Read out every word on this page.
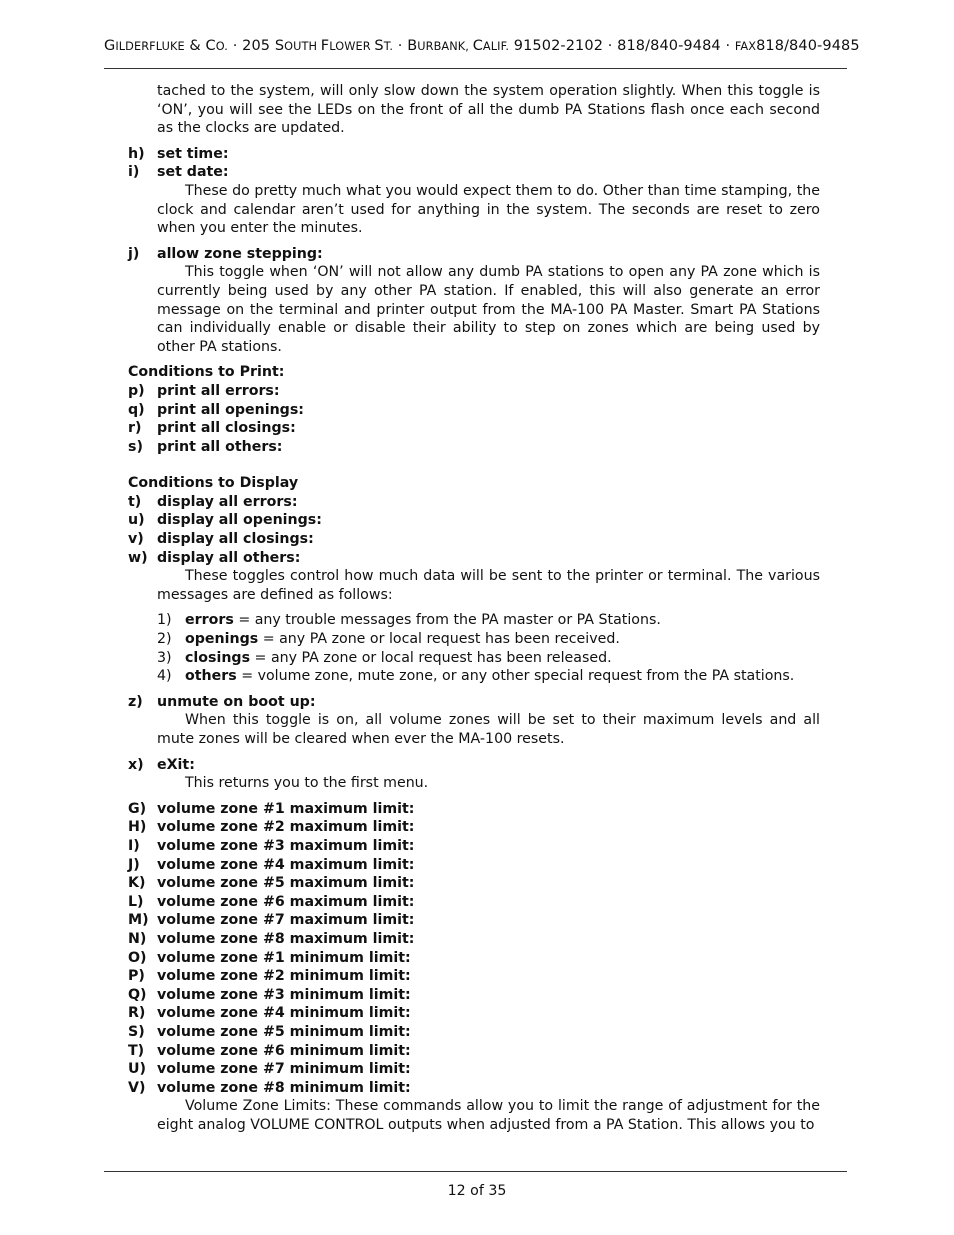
GILDERFLUKE & CO. · 205 SOUTH FLOWER ST. · BURBANK, CALIF. 91502-2102 · 818/840-9484 · FAX818/840-9485
tached to the system, will only slow down the system operation slightly. When this toggle is ‘ON’, you will see the LEDs on the front of all the dumb PA Stations flash once each second as the clocks are updated.
h) set time:
i)	set date:
These do pretty much what you would expect them to do. Other than time stamping, the clock and calendar aren’t used for anything in the system. The seconds are reset to zero when you enter the minutes.
j)	allow zone stepping:
This toggle when ‘ON’ will not allow any dumb PA stations to open any PA zone which is currently being used by any other PA station. If enabled, this will also generate an error message on the terminal and printer output from the MA-100 PA Master. Smart PA Stations can individually enable or disable their ability to step on zones which are being used by other PA stations.
Conditions to Print:
p) print all errors:
q) print all openings:
r)	print all closings:
s) print all others:
Conditions to Display
t)	display all errors:
u) display all openings:
v) display all closings:
w) display all others:
These toggles control how much data will be sent to the printer or terminal. The various messages are defined as follows:
1) errors = any trouble messages from the PA master or PA Stations.
2) openings = any PA zone or local request has been received.
3) closings = any PA zone or local request has been released.
4) others = volume zone, mute zone, or any other special request from the PA stations.
z)	unmute on boot up:
When this toggle is on, all volume zones will be set to their maximum levels and all mute zones will be cleared when ever the MA-100 resets.
x) eXit:
This returns you to the first menu.
G) volume zone #1 maximum limit:
H) volume zone #2 maximum limit:
I)	volume zone #3 maximum limit:
J)	volume zone #4 maximum limit:
K) volume zone #5 maximum limit:
L) volume zone #6 maximum limit:
M) volume zone #7 maximum limit:
N) volume zone #8 maximum limit:
O) volume zone #1 minimum limit:
P) volume zone #2 minimum limit:
Q) volume zone #3 minimum limit:
R) volume zone #4 minimum limit:
S) volume zone #5 minimum limit:
T) volume zone #6 minimum limit:
U) volume zone #7 minimum limit:
V) volume zone #8 minimum limit:
Volume Zone Limits: These commands allow you to limit the range of adjustment for the eight analog VOLUME CONTROL outputs when adjusted from a PA Station. This allows you to
12 of 35
